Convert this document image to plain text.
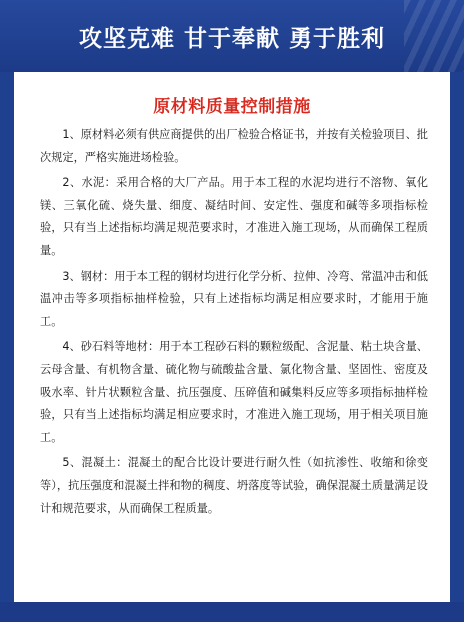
攻坚克难 甘于奉献 勇于胜利
原材料质量控制措施

1、原材料必须有供应商提供的出厂检验合格证书，并按有关检验项目、批次规定，严格实施进场检验。

2、水泥：采用合格的大厂产品。用于本工程的水泥均进行不溶物、氧化镁、三氧化硫、烧失量、细度、凝结时间、安定性、强度和碱等多项指标检验，只有当上述指标均满足规范要求时，才准进入施工现场，从而确保工程质量。

3、钢材：用于本工程的钢材均进行化学分析、拉伸、冷弯、常温冲击和低温冲击等多项指标抽样检验，只有上述指标均满足相应要求时，才能用于施工。

4、砂石料等地材：用于本工程砂石料的颗粒级配、含泥量、粘土块含量、云母含量、有机物含量、硫化物与硫酸盐含量、氯化物含量、坚固性、密度及吸水率、针片状颗粒含量、抗压强度、压碎值和碱集料反应等多项指标抽样检验，只有当上述指标均满足相应要求时，才准进入施工现场，用于相关项目施工。

5、混凝土：混凝土的配合比设计要进行耐久性（如抗渗性、收缩和徐变等），抗压强度和混凝土拌和物的稠度、坍落度等试验，确保混凝土质量满足设计和规范要求，从而确保工程质量。
